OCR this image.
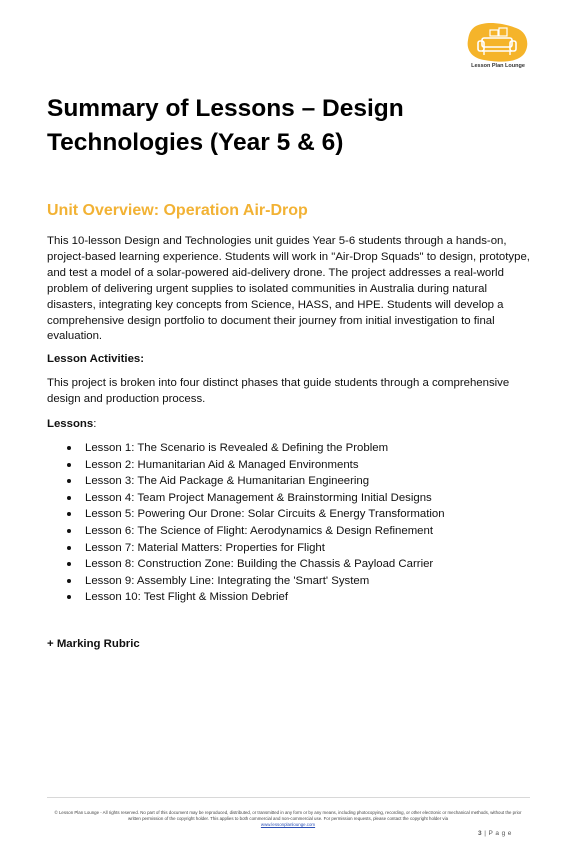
Lesson Plan Lounge
Summary of Lessons – Design Technologies (Year 5 & 6)
Unit Overview: Operation Air-Drop

This 10-lesson Design and Technologies unit guides Year 5-6 students through a hands-on, project-based learning experience. Students will work in "Air-Drop Squads" to design, prototype, and test a model of a solar-powered aid-delivery drone. The project addresses a real-world problem of delivering urgent supplies to isolated communities in Australia during natural disasters, integrating key concepts from Science, HASS, and HPE. Students will develop a comprehensive design portfolio to document their journey from initial investigation to final evaluation.

Lesson Activities:

This project is broken into four distinct phases that guide students through a comprehensive design and production process.

Lessons:

Lesson 1: The Scenario is Revealed & Defining the Problem
Lesson 2: Humanitarian Aid & Managed Environments
Lesson 3: The Aid Package & Humanitarian Engineering
Lesson 4: Team Project Management & Brainstorming Initial Designs
Lesson 5: Powering Our Drone: Solar Circuits & Energy Transformation
Lesson 6: The Science of Flight: Aerodynamics & Design Refinement
Lesson 7: Material Matters: Properties for Flight
Lesson 8: Construction Zone: Building the Chassis & Payload Carrier
Lesson 9: Assembly Line: Integrating the 'Smart' System
Lesson 10: Test Flight & Mission Debrief

+ Marking Rubric

© Lesson Plan Lounge - All rights reserved. No part of this document may be reproduced, distributed, or transmitted in any form or by any means, including photocopying, recording, or other electronic or mechanical methods, without the prior written permission of the copyright holder. This applies to both commercial and non-commercial use. For permission requests, please contact the copyright holder via
www.lessonplanlounge.com
3 | P a g e
